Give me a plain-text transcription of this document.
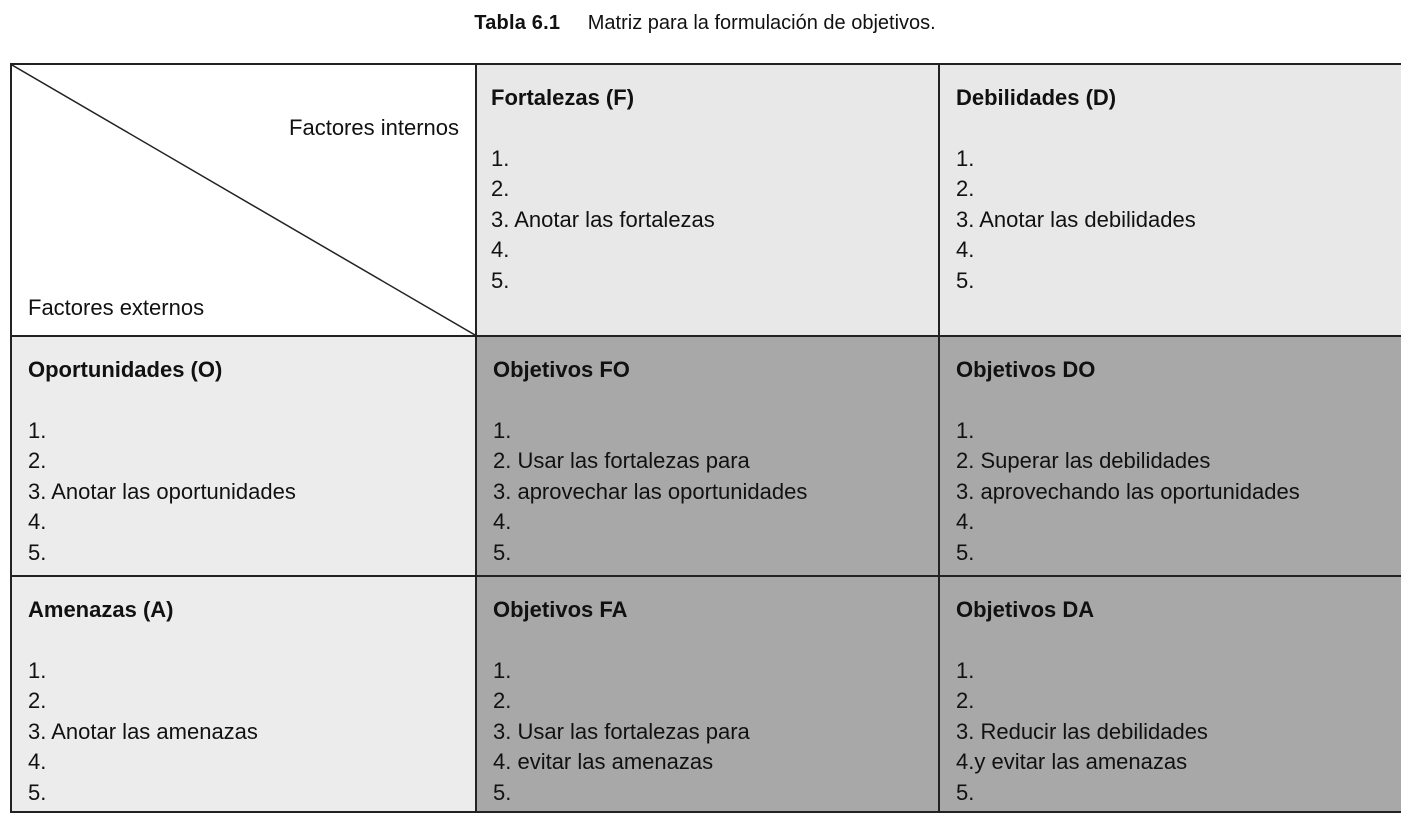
Tabla 6.1 Matriz para la formulación de objetivos.
Factores internos
Factores externos
Fortalezas (F)
1.
2.
3. Anotar las fortalezas
4.
5.
Debilidades (D)
1.
2.
3. Anotar las debilidades
4.
5.
Oportunidades (O)
1.
2.
3. Anotar las oportunidades
4.
5.
Objetivos FO
1.
2. Usar las fortalezas para
3. aprovechar las oportunidades
4.
5.
Objetivos DO
1.
2. Superar las debilidades
3. aprovechando las oportunidades
4.
5.
Amenazas (A)
1.
2.
3. Anotar las amenazas
4.
5.
Objetivos FA
1.
2.
3. Usar las fortalezas para
4. evitar las amenazas
5.
Objetivos DA
1.
2.
3. Reducir las debilidades
4.y evitar las amenazas
5.
